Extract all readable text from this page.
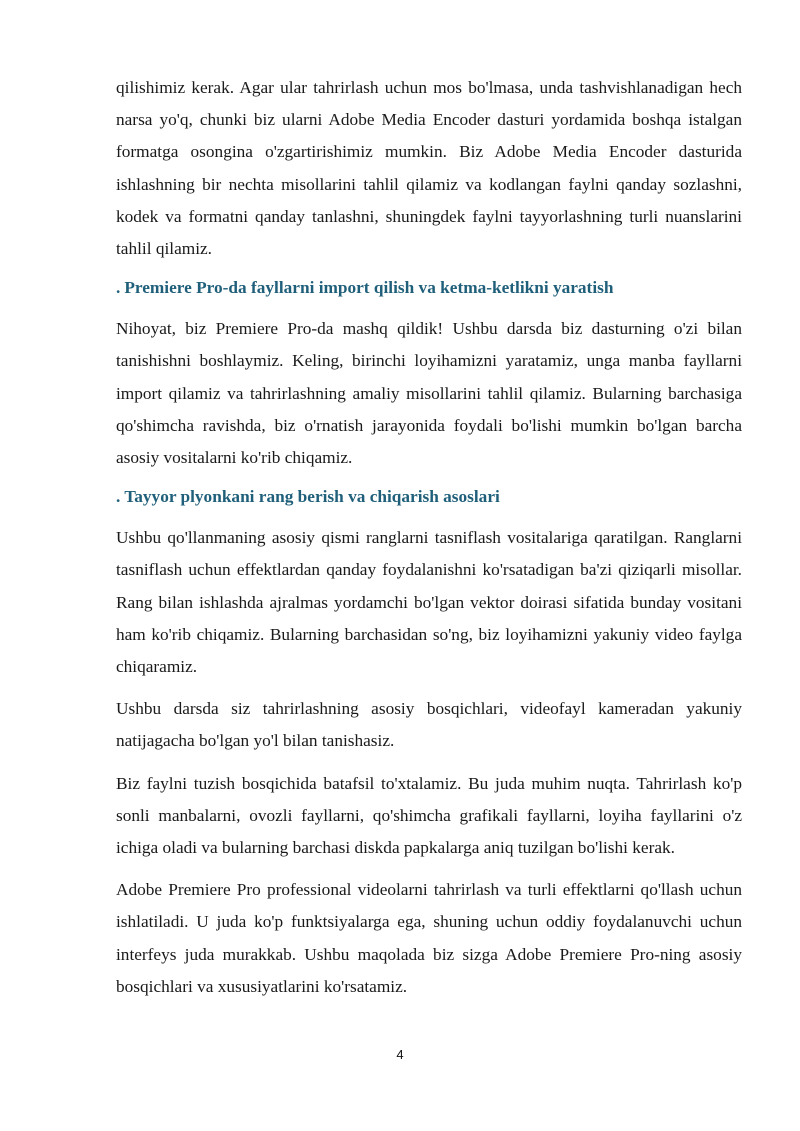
qilishimiz kerak. Agar ular tahrirlash uchun mos bo'lmasa, unda tashvishlanadigan hech narsa yo'q, chunki biz ularni Adobe Media Encoder dasturi yordamida boshqa istalgan formatga osongina o'zgartirishimiz mumkin. Biz Adobe Media Encoder dasturida ishlashning bir nechta misollarini tahlil qilamiz va kodlangan faylni qanday sozlashni, kodek va formatni qanday tanlashni, shuningdek faylni tayyorlashning turli nuanslarini tahlil qilamiz.

. Premiere Pro-da fayllarni import qilish va ketma-ketlikni yaratish

Nihoyat, biz Premiere Pro-da mashq qildik! Ushbu darsda biz dasturning o'zi bilan tanishishni boshlaymiz. Keling, birinchi loyihamizni yaratamiz, unga manba fayllarni import qilamiz va tahrirlashning amaliy misollarini tahlil qilamiz. Bularning barchasiga qo'shimcha ravishda, biz o'rnatish jarayonida foydali bo'lishi mumkin bo'lgan barcha asosiy vositalarni ko'rib chiqamiz.

. Tayyor plyonkani rang berish va chiqarish asoslari

Ushbu qo'llanmaning asosiy qismi ranglarni tasniflash vositalariga qaratilgan. Ranglarni tasniflash uchun effektlardan qanday foydalanishni ko'rsatadigan ba'zi qiziqarli misollar. Rang bilan ishlashda ajralmas yordamchi bo'lgan vektor doirasi sifatida bunday vositani ham ko'rib chiqamiz. Bularning barchasidan so'ng, biz loyihamizni yakuniy video faylga chiqaramiz.

Ushbu darsda siz tahrirlashning asosiy bosqichlari, videofayl kameradan yakuniy natijagacha bo'lgan yo'l bilan tanishasiz.

Biz faylni tuzish bosqichida batafsil to'xtalamiz. Bu juda muhim nuqta. Tahrirlash ko'p sonli manbalarni, ovozli fayllarni, qo'shimcha grafikali fayllarni, loyiha fayllarini o'z ichiga oladi va bularning barchasi diskda papkalarga aniq tuzilgan bo'lishi kerak.

Adobe Premiere Pro professional videolarni tahrirlash va turli effektlarni qo'llash uchun ishlatiladi. U juda ko'p funktsiyalarga ega, shuning uchun oddiy foydalanuvchi uchun interfeys juda murakkab. Ushbu maqolada biz sizga Adobe Premiere Pro-ning asosiy bosqichlari va xususiyatlarini ko'rsatamiz.

4
